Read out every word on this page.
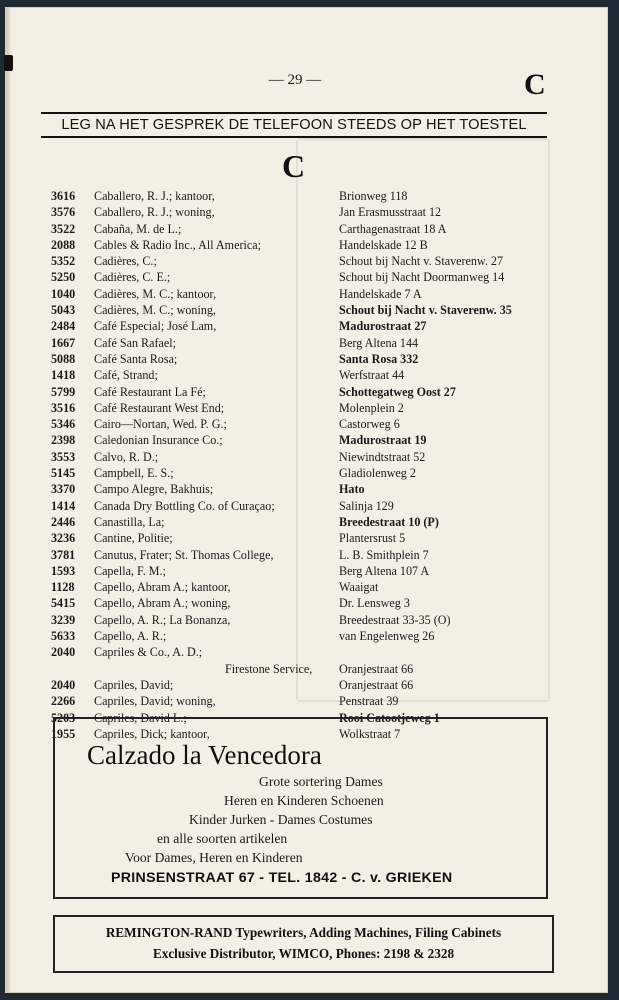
— 29 —	C
LEG NA HET GESPREK DE TELEFOON STEEDS OP HET TOESTEL
C
3616 Caballero, R. J.; kantoor,	Brionweg 118
3576 Caballero, R. J.; woning,	Jan Erasmusstraat 12
3522 Cabaña, M. de L.;	Carthagenastraat 18 A
2088 Cables & Radio Inc., All America;	Handelskade 12 B
5352 Cadières, C.;	Schout bij Nacht v. Staverenw. 27
5250 Cadières, C. E.;	Schout bij Nacht Doormanweg 14
1040 Cadières, M. C.; kantoor,	Handelskade 7 A
5043 Cadières, M. C.; woning,	Schout bij Nacht v. Staverenw. 35
2484 Café Especial; José Lam,	Madurostraat 27
1667 Café San Rafael;	Berg Altena 144
5088 Café Santa Rosa;	Santa Rosa 332
1418 Café, Strand;	Werfstraat 44
5799 Café Restaurant La Fé;	Schottegatweg Oost 27
3516 Café Restaurant West End;	Molenplein 2
5346 Cairo—Nortan, Wed. P. G.;	Castorweg 6
2398 Caledonian Insurance Co.;	Madurostraat 19
3553 Calvo, R. D.;	Niewindtstraat 52
5145 Campbell, E. S.;	Gladiolenweg 2
3370 Campo Alegre, Bakhuis;	Hato
1414 Canada Dry Bottling Co. of Curaçao;	Salinja 129
2446 Canastilla, La;	Breedestraat 10 (P)
3236 Cantine, Politie;	Plantersrust 5
3781 Canutus, Frater; St. Thomas College,	L. B. Smithplein 7
1593 Capella, F. M.;	Berg Altena 107 A
1128 Capello, Abram A.; kantoor,	Waaigat
5415 Capello, Abram A.; woning,	Dr. Lensweg 3
3239 Capello, A. R.; La Bonanza,	Breedestraat 33-35 (O)
5633 Capello, A. R.;	van Engelenweg 26
2040 Capriles & Co., A. D.;
Firestone Service, Oranjestraat 66
2040 Capriles, David;	Oranjestraat 66
2266 Capriles, David; woning,	Penstraat 39
5203 Capriles, David L.;	Rooi Catootjeweg 1
1955 Capriles, Dick; kantoor,	Wolkstraat 7
Calzado la Vencedora
Grote sortering Dames
Heren en Kinderen Schoenen
Kinder Jurken - Dames Costumes
en alle soorten artikelen
Voor Dames, Heren en Kinderen
PRINSENSTRAAT 67 - TEL. 1842 - C. v. GRIEKEN
REMINGTON-RAND Typewriters, Adding Machines, Filing Cabinets
Exclusive Distributor, WIMCO, Phones: 2198 & 2328
